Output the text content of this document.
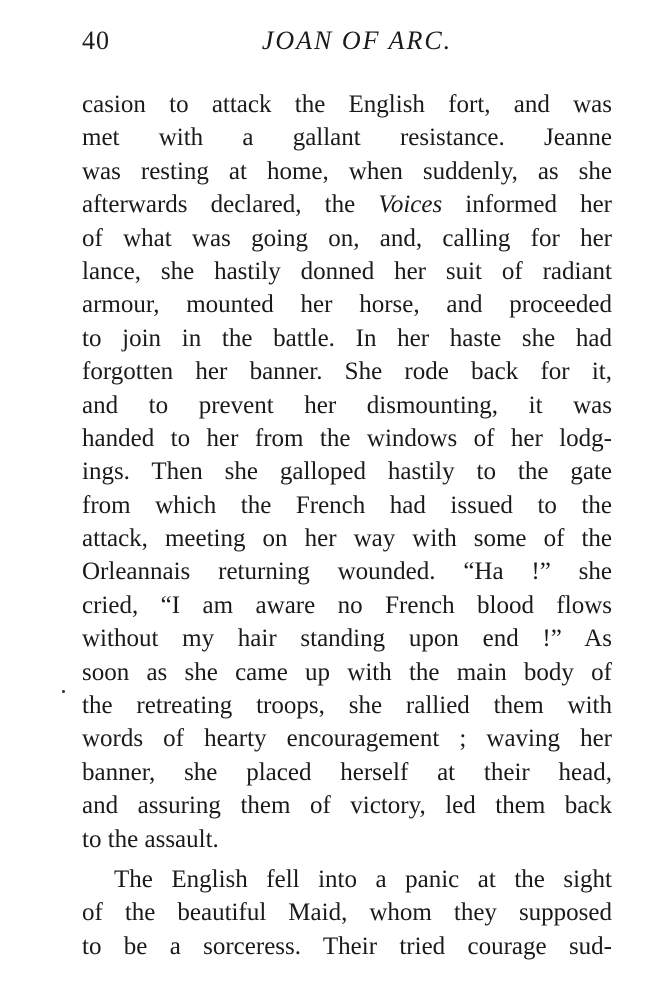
40	JOAN OF ARC.
casion to attack the English fort, and was
met with a gallant resistance. Jeanne
was resting at home, when suddenly, as she
afterwards declared, the Voices informed her
of what was going on, and, calling for her
lance, she hastily donned her suit of radiant
armour, mounted her horse, and proceeded
to join in the battle. In her haste she had
forgotten her banner. She rode back for it,
and to prevent her dismounting, it was
handed to her from the windows of her lodg-
ings. Then she galloped hastily to the gate
from which the French had issued to the
attack, meeting on her way with some of the
Orleannais returning wounded. “Ha !” she
cried, “I am aware no French blood flows
without my hair standing upon end !” As
soon as she came up with the main body of
the retreating troops, she rallied them with
words of hearty encouragement ; waving her
banner, she placed herself at their head,
and assuring them of victory, led them back
to the assault.
The English fell into a panic at the sight
of the beautiful Maid, whom they supposed
to be a sorceress. Their tried courage sud-
